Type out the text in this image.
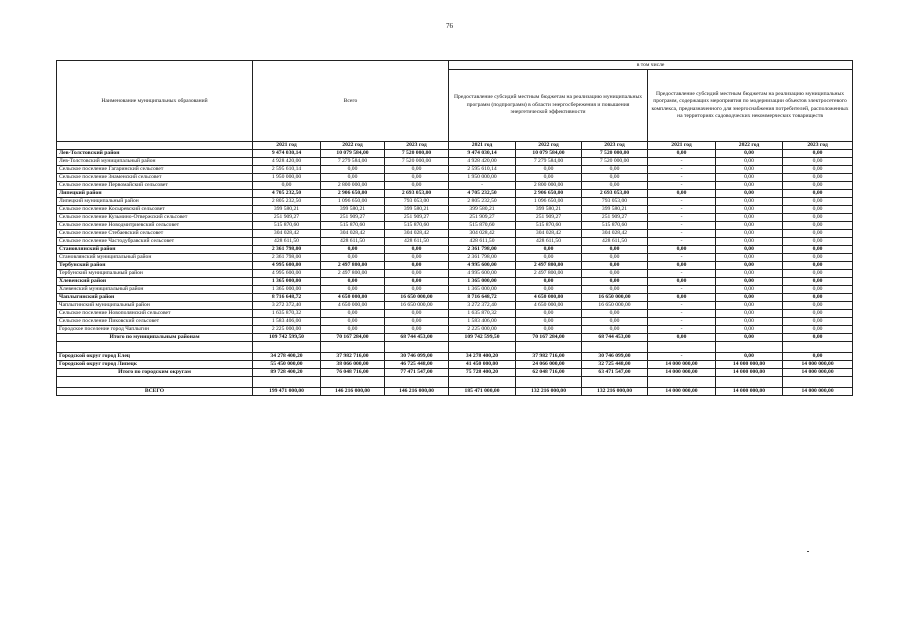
76
Наименование муниципальных образований	Всего			в том числе					
				Предоставление субсидий местным бюджетам на реализацию муниципальных программ (подпрограмм) в области энергосбережения и повышения энергетической эффективности			Предоставление субсидий местным бюджетам на реализацию муниципальных программ, содержащих мероприятия по модернизации объектов электросетевого комплекса, предназначенного для энергоснабжения потребителей, расположенных на территориях садоводческих некоммерческих товариществ		

	2021 год	2022 год	2023 год	2021 год	2022 год	2023 год	2021 год	2022 год	2023 год
Лев-Толстовский район	9 474 030,14	10 079 584,00	7 520 000,00	9 474 030,14	10 079 584,00	7 520 000,00	0,00	0,00	0,00
Лев-Толстовский муниципальный район	4 928 420,00	7 279 584,00	7 520 000,00	4 928 420,00	7 279 584,00	7 520 000,00	-	0,00	0,00
Сельское поселение Гагаринский сельсовет	2 595 610,14	0,00	0,00	2 595 610,14	0,00	0,00	-	0,00	0,00
Сельское поселение Знаменский сельсовет	1 950 000,00	0,00	0,00	1 950 000,00	0,00	0,00	-	0,00	0,00
Сельское поселение Первомайский сельсовет	0,00	2 800 000,00	0,00	-	2 800 000,00	0,00	-	0,00	0,00
Липецкий район	4 705 232,50	2 906 650,00	2 693 053,00	4 705 232,50	2 906 650,00	2 693 053,00	0,00	0,00	0,00
Липецкий муниципальный район	2 805 232,50	1 096 650,00	793 053,00	2 805 232,50	1 096 650,00	793 053,00	-	0,00	0,00
Сельское поселение Косыревский сельсовет	399 580,21	399 580,21	399 580,21	399 580,21	399 580,21	399 580,21	-	0,00	0,00
Сельское поселение Кузьмино-Отвержский сельсовет	251 909,27	251 909,27	251 909,27	251 909,27	251 909,27	251 909,27	-	0,00	0,00
Сельское поселение Новодмитриевский сельсовет	515 870,60	515 870,60	515 870,60	515 870,60	515 870,60	515 870,60	-	0,00	0,00
Сельское поселение Стебаевский сельсовет	304 028,42	304 028,42	304 028,42	304 028,42	304 028,42	304 028,42	-	0,00	0,00
Сельское поселение Частодубравский сельсовет	428 611,50	428 611,50	428 611,50	428 611,50	428 611,50	428 611,50	-	0,00	0,00
Становлянский район	2 361 798,00	0,00	0,00	2 361 798,00	0,00	0,00	0,00	0,00	0,00
Становлянский муниципальный район	2 361 798,00	0,00	0,00	2 361 798,00	0,00	0,00	-	0,00	0,00
Тербунский район	4 995 600,00	2 497 800,00	0,00	4 995 600,00	2 497 800,00	0,00	0,00	0,00	0,00
Тербунский муниципальный район	4 995 600,00	2 497 800,00	0,00	4 995 600,00	2 497 800,00	0,00	-	0,00	0,00
Хлевенский район	1 365 000,00	0,00	0,00	1 365 000,00	0,00	0,00	0,00	0,00	0,00
Хлевенский муниципальный район	1 365 000,00	0,00	0,00	1 365 000,00	0,00	0,00	-	0,00	0,00
Чаплыгинский район	8 716 648,72	4 650 000,00	16 650 000,00	8 716 648,72	4 650 000,00	16 650 000,00	0,00	0,00	0,00
Чаплыгинский муниципальный район	3 272 372,40	4 650 000,00	16 650 000,00	3 272 372,40	4 650 000,00	16 650 000,00	-	0,00	0,00
Сельское поселение Новополянский сельсовет	1 635 870,32	0,00	0,00	1 635 870,32	0,00	0,00	-	0,00	0,00
Сельское поселение Пиковский сельсовет	1 583 406,00	0,00	0,00	1 583 406,00	0,00	0,00	-	0,00	0,00
Городское поселение город Чаплыгин	2 225 000,00	0,00	0,00	2 225 000,00	0,00	0,00	-	0,00	0,00
Итого по муниципальным районам	109 742 599,50	70 167 284,00	68 744 453,00	109 742 599,50	70 167 284,00	68 744 453,00	0,00	0,00	0,00

Городской округ город Елец	34 278 400,20	37 982 716,00	30 746 099,00	34 278 400,20	37 982 716,00	30 746 099,00	-	0,00	0,00
Городской округ город Липецк	55 450 000,00	38 066 000,00	46 725 448,00	41 450 000,00	24 066 000,00	32 725 448,00	14 000 000,00	14 000 000,00	14 000 000,00
Итого по городским округам	89 728 400,20	76 048 716,00	77 471 547,00	75 728 400,20	62 048 716,00	63 471 547,00	14 000 000,00	14 000 000,00	14 000 000,00

ВСЕГО	199 471 000,00	146 216 000,00	146 216 000,00	185 471 000,00	132 216 000,00	132 216 000,00	14 000 000,00	14 000 000,00	14 000 000,00
